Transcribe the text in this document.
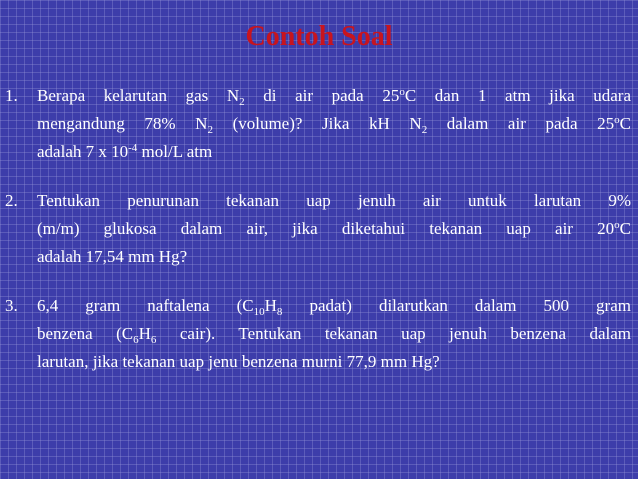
Contoh Soal
1. Berapa kelarutan gas $N_2$ di air pada 25$^o$C dan 1 atm jika udara
mengandung 78% $N_2$ (volume)? Jika kH $N_2$ dalam air pada 25$^o$C
adalah 7 x $10^{-4}$ mol/L atm
2. Tentukan penurunan tekanan uap jenuh air untuk larutan 9%
(m/m) glukosa dalam air, jika diketahui tekanan uap air 20$^o$C
adalah 17,54 mm Hg?
3. 6,4 gram naftalena ($C_{10}H_8$ padat) dilarutkan dalam 500 gram
benzena ($C_6H_6$ cair). Tentukan tekanan uap jenuh benzena dalam
larutan, jika tekanan uap jenu benzena murni 77,9 mm Hg?
